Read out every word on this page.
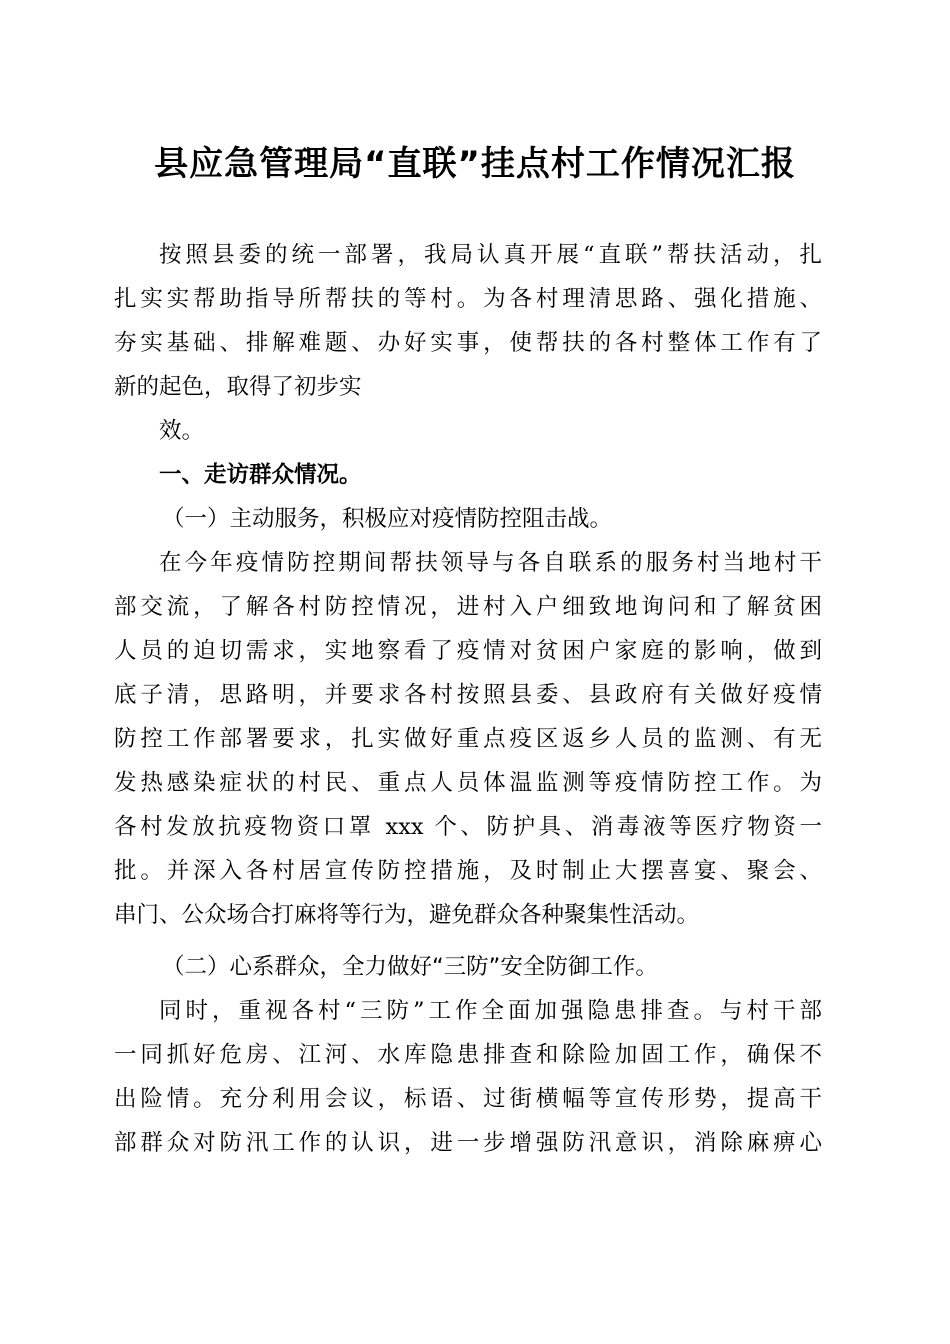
县应急管理局“直联”挂点村工作情况汇报
按照县委的统一部署，我局认真开展“直联”帮扶活动，扎
扎实实帮助指导所帮扶的等村。为各村理清思路、强化措施、
夯实基础、排解难题、办好实事，使帮扶的各村整体工作有了
新的起色，取得了初步实
效。
一、走访群众情况。
（一）主动服务，积极应对疫情防控阻击战。
在今年疫情防控期间帮扶领导与各自联系的服务村当地村干
部交流，了解各村防控情况，进村入户细致地询问和了解贫困
人员的迫切需求，实地察看了疫情对贫困户家庭的影响，做到
底子清，思路明，并要求各村按照县委、县政府有关做好疫情
防控工作部署要求，扎实做好重点疫区返乡人员的监测、有无
发热感染症状的村民、重点人员体温监测等疫情防控工作。为
各村发放抗疫物资口罩 xxx 个、防护具、消毒液等医疗物资一
批。并深入各村居宣传防控措施，及时制止大摆喜宴、聚会、
串门、公众场合打麻将等行为，避免群众各种聚集性活动。
（二）心系群众，全力做好“三防”安全防御工作。
同时，重视各村“三防”工作全面加强隐患排查。与村干部
一同抓好危房、江河、水库隐患排查和除险加固工作，确保不
出险情。充分利用会议，标语、过街横幅等宣传形势，提高干
部群众对防汛工作的认识，进一步增强防汛意识，消除麻痹心
